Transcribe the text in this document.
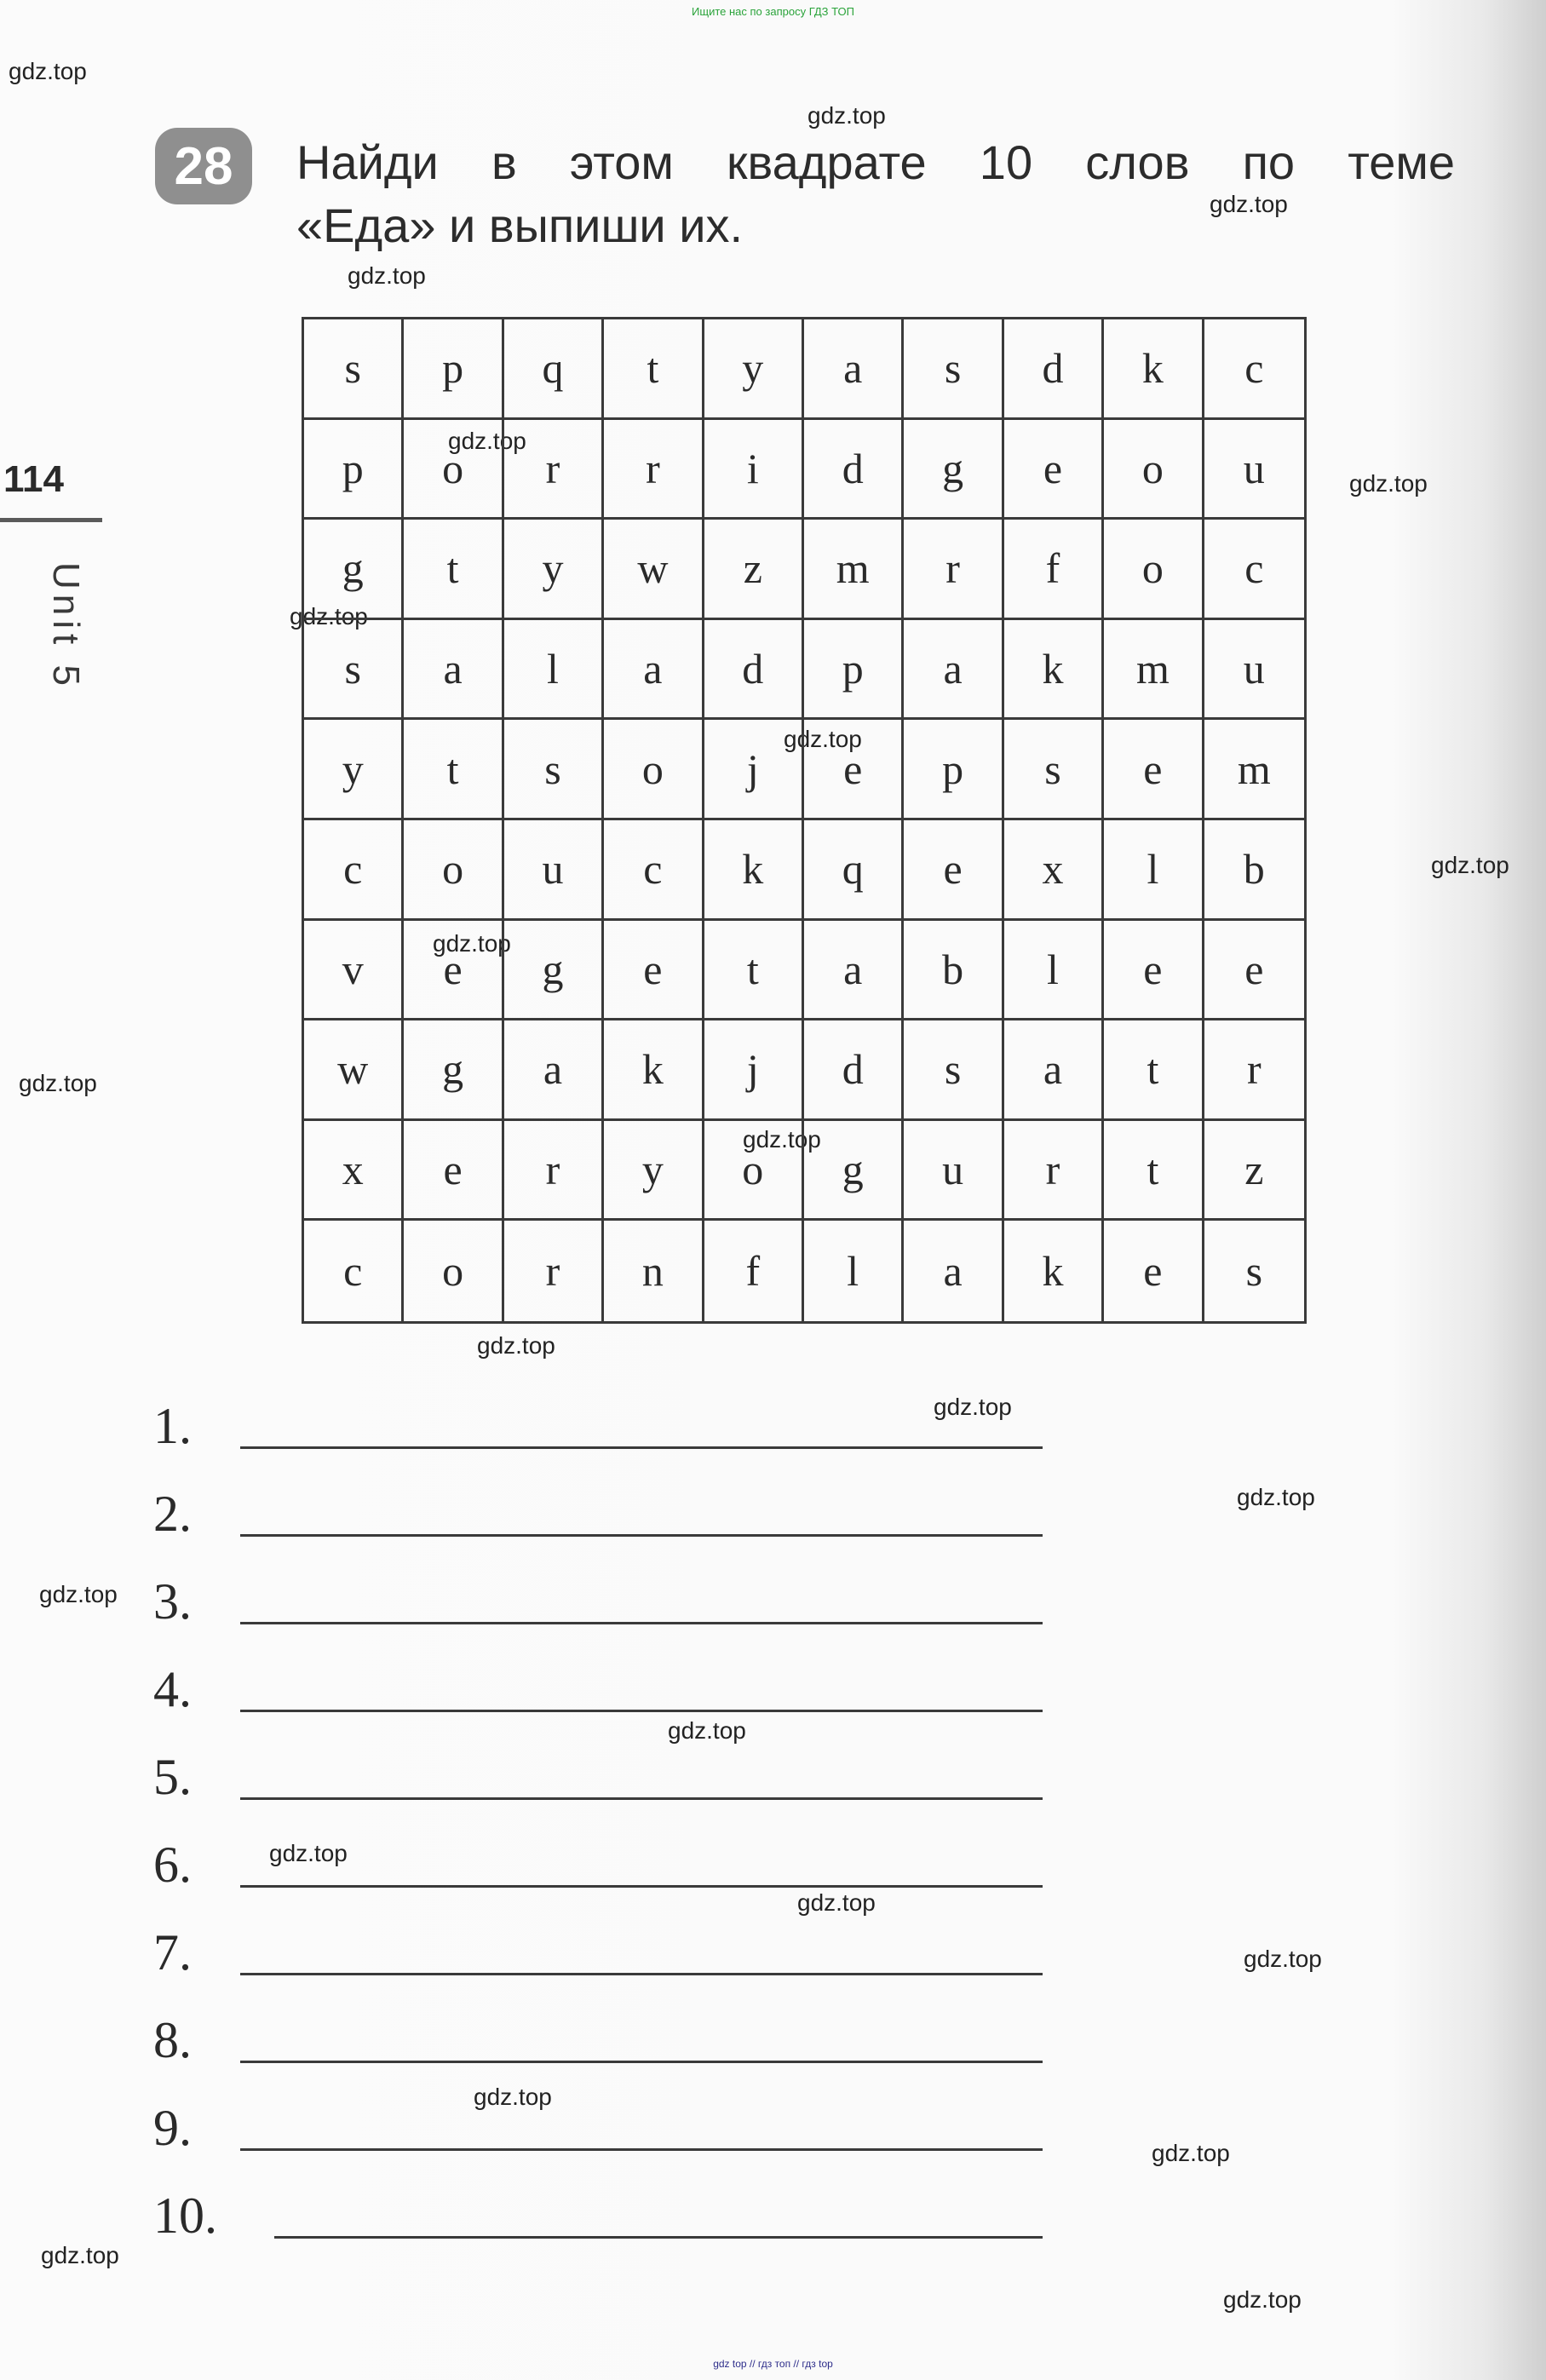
Ищите нас по запросу ГДЗ ТОП
gdz.top
gdz.top
gdz.top
gdz.top
gdz.top
gdz.top
gdz.top
gdz.top
gdz.top
gdz.top
gdz.top
gdz.top
gdz.top
gdz.top
gdz.top
gdz.top
gdz.top
gdz.top
gdz.top
gdz.top
gdz.top
gdz.top
gdz.top
gdz.top
114
Unit 5
28	Найди в этом квадрате 10 слов по теме
«Еда» и выпиши их.
s	p	q	t	y	a	s	d	k	c
p	o	r	r	i	d	g	e	o	u
g	t	y	w	z	m	r	f	o	c
s	a	l	a	d	p	a	k	m	u
y	t	s	o	j	e	p	s	e	m
c	o	u	c	k	q	e	x	l	b
v	e	g	e	t	a	b	l	e	e
w	g	a	k	j	d	s	a	t	r
x	e	r	y	o	g	u	r	t	z
c	o	r	n	f	l	a	k	e	s
1.
2.
3.
4.
5.
6.
7.
8.
9.
10.
gdz top // гдз топ // гдз top
